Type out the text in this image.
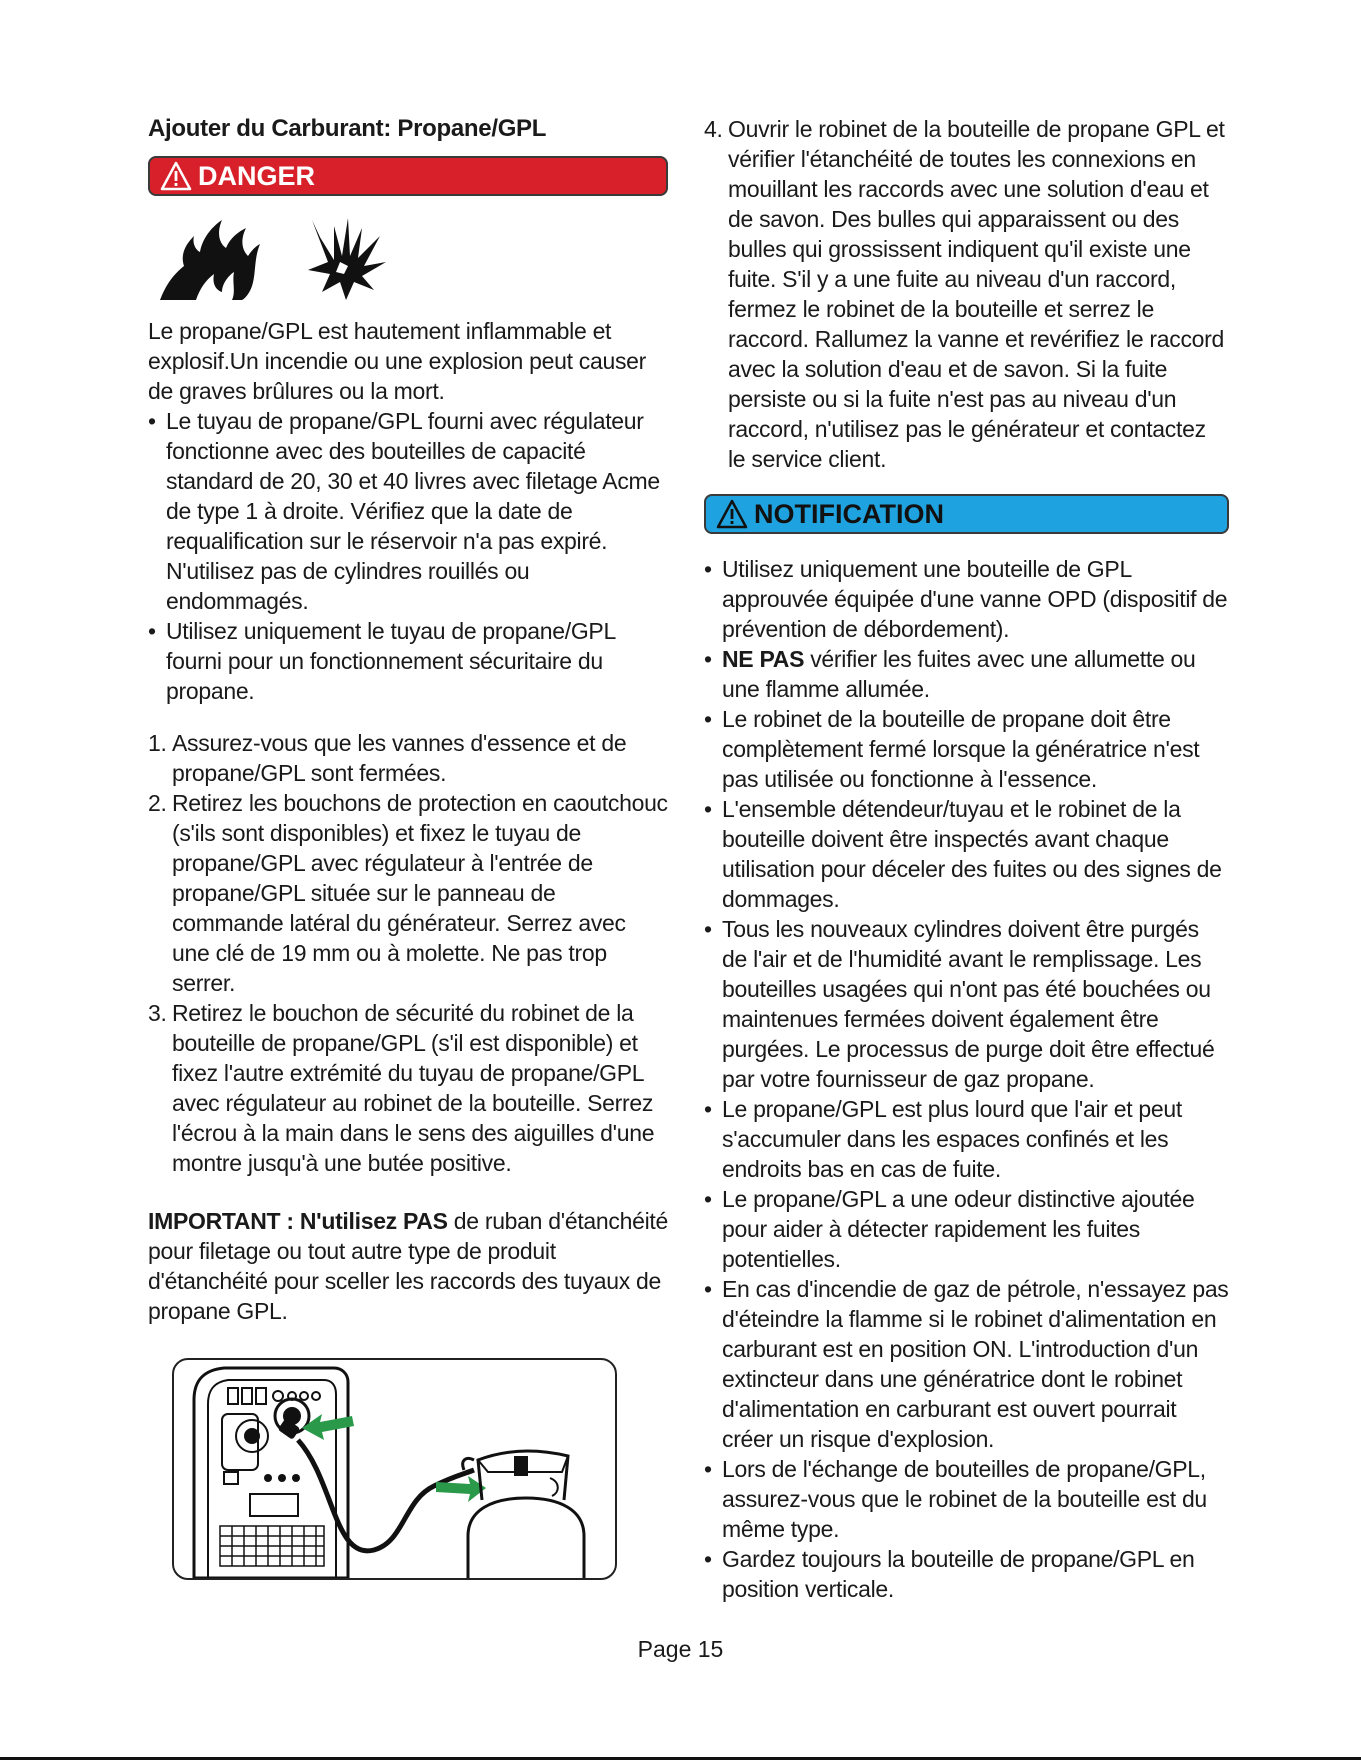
Ajouter du Carburant: Propane/GPL
DANGER

Le propane/GPL est hautement inflammable et explosif.Un incendie ou une explosion peut causer de graves brûlures ou la mort.

• Le tuyau de propane/GPL fourni avec régulateur fonctionne avec des bouteilles de capacité standard de 20, 30 et 40 livres avec filetage Acme de type 1 à droite. Vérifiez que la date de requalification sur le réservoir n'a pas expiré. N'utilisez pas de cylindres rouillés ou endommagés.
• Utilisez uniquement le tuyau de propane/GPL fourni pour un fonctionnement sécuritaire du propane.
1. Assurez-vous que les vannes d'essence et de propane/GPL sont fermées.
2. Retirez les bouchons de protection en caoutchouc (s'ils sont disponibles) et fixez le tuyau de propane/GPL avec régulateur à l'entrée de propane/GPL située sur le panneau de commande latéral du générateur. Serrez avec une clé de 19 mm ou à molette. Ne pas trop serrer.
3. Retirez le bouchon de sécurité du robinet de la bouteille de propane/GPL (s'il est disponible) et fixez l'autre extrémité du tuyau de propane/GPL avec régulateur au robinet de la bouteille. Serrez l'écrou à la main dans le sens des aiguilles d'une montre jusqu'à une butée positive.

IMPORTANT : N'utilisez PAS de ruban d'étanchéité pour filetage ou tout autre type de produit d'étanchéité pour sceller les raccords des tuyaux de propane GPL.

4. Ouvrir le robinet de la bouteille de propane GPL et vérifier l'étanchéité de toutes les connexions en mouillant les raccords avec une solution d'eau et de savon. Des bulles qui apparaissent ou des bulles qui grossissent indiquent qu'il existe une fuite. S'il y a une fuite au niveau d'un raccord, fermez le robinet de la bouteille et serrez le raccord. Rallumez la vanne et revérifiez le raccord avec la solution d'eau et de savon. Si la fuite persiste ou si la fuite n'est pas au niveau d'un raccord, n'utilisez pas le générateur et contactez le service client.
NOTIFICATION
• Utilisez uniquement une bouteille de GPL approuvée équipée d'une vanne OPD (dispositif de prévention de débordement).
• NE PAS vérifier les fuites avec une allumette ou une flamme allumée.
• Le robinet de la bouteille de propane doit être complètement fermé lorsque la génératrice n'est pas utilisée ou fonctionne à l'essence.
• L'ensemble détendeur/tuyau et le robinet de la bouteille doivent être inspectés avant chaque utilisation pour déceler des fuites ou des signes de dommages.
• Tous les nouveaux cylindres doivent être purgés de l'air et de l'humidité avant le remplissage. Les bouteilles usagées qui n'ont pas été bouchées ou maintenues fermées doivent également être purgées. Le processus de purge doit être effectué par votre fournisseur de gaz propane.
• Le propane/GPL est plus lourd que l'air et peut s'accumuler dans les espaces confinés et les endroits bas en cas de fuite.
• Le propane/GPL a une odeur distinctive ajoutée pour aider à détecter rapidement les fuites potentielles.
• En cas d'incendie de gaz de pétrole, n'essayez pas d'éteindre la flamme si le robinet d'alimentation en carburant est en position ON. L'introduction d'un extincteur dans une génératrice dont le robinet d'alimentation en carburant est ouvert pourrait créer un risque d'explosion.
• Lors de l'échange de bouteilles de propane/GPL, assurez-vous que le robinet de la bouteille est du même type.
• Gardez toujours la bouteille de propane/GPL en position verticale.
Page 15
